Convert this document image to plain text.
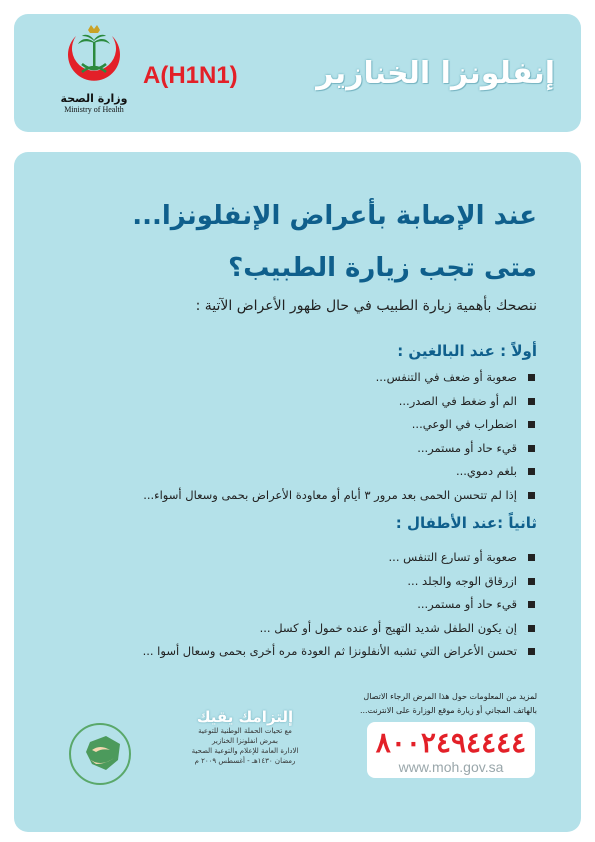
وزارة الصحة
Ministry of Health
A(H1N1)	إنفلونزا الخنازير
عند الإصابة بأعراض الإنفلونزا...
متى تجب زيارة الطبيب؟
ننصحك بأهمية زيارة الطبيب في حال ظهور الأعراض الآتية :
أولاً : عند البالغين :
صعوبة أو ضعف في التنفس...
الم أو ضغط في الصدر...
اضطراب في الوعي...
قيء حاد أو مستمر...
بلغم دموي...
إذا لم تتحسن الحمى بعد مرور ٣ أيام أو معاودة الأعراض بحمى وسعال أسواء...
ثانياً :عند الأطفال :
صعوبة أو تسارع التنفس ...
ازرقاق الوجه والجلد ...
قيء حاد أو مستمر...
إن يكون الطفل شديد التهيج أو عنده خمول أو كسل ...
تحسن الأعراض التي تشبه الأنفلونزا ثم العودة مره أخرى بحمى وسعال أسوا ...
لمزيد من المعلومات حول هذا المرض الرجاء الاتصال
بالهاتف المجاني أو زيارة موقع الوزارة على الانترنت...
٨٠٠٢٤٩٤٤٤٤
www.moh.gov.sa
إلتزامك يقيك
مع تحيات الحملة الوطنية للتوعية
بمرض انفلونزا الخنازير
الادارة العامة للإعلام والتوعية الصحية
رمضان ١٤٣٠هـ - أغسطس ٢٠٠٩ م
